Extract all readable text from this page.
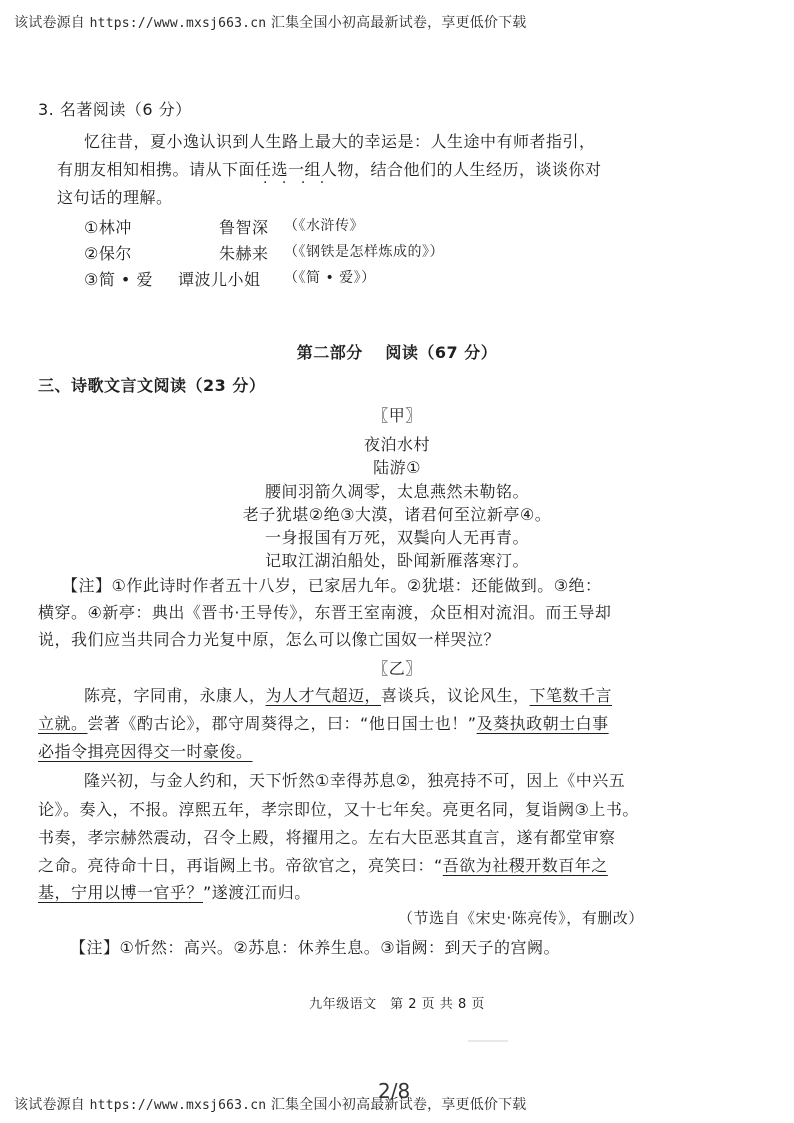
该试卷源自 https://www.mxsj663.cn 汇集全国小初高最新试卷，享更低价下载
3. 名著阅读（6 分）
忆往昔，夏小逸认识到人生路上最大的幸运是：人生途中有师者指引，
有朋友相知相携。请从下面任选一组 · · · ·人物，结合他们的人生经历，谈谈你对
这句话的理解。
①林冲	鲁智深 （《水浒传》
②保尔	朱赫来 （《钢铁是怎样炼成的》）
③简 • 爱 谭波儿小姐 （《简 • 爱》）
第二部分　 阅读（67 分）
三、诗歌文言文阅读（23 分）
〖甲〗
夜泊水村
陆游①
腰间羽箭久凋零，太息燕然未勒铭。
老子犹堪②绝③大漠，诸君何至泣新亭④。
一身报国有万死，双鬓向人无再青。
记取江湖泊船处，卧闻新雁落寒汀。
【注】①作此诗时作者五十八岁，已家居九年。②犹堪：还能做到。③绝：
横穿。④新亭：典出《晋书·王导传》，东晋王室南渡，众臣相对流泪。而王导却
说，我们应当共同合力光复中原，怎么可以像亡国奴一样哭泣？
〖乙〗
陈亮，字同甫，永康人，为人才气超迈，喜谈兵，议论风生，下笔数千言
立就。尝著《酌古论》，郡守周葵得之，曰：“他日国士也！”及葵执政朝士白事
必指令揖亮因得交一时豪俊。
隆兴初，与金人约和，天下忻然①幸得苏息②，独亮持不可，因上《中兴五
论》。奏入，不报。淳熙五年，孝宗即位，又十七年矣。亮更名同，复诣阙③上书。
书奏，孝宗赫然震动，召令上殿，将擢用之。左右大臣恶其直言，遂有都堂审察
之命。亮待命十日，再诣阙上书。帝欲官之，亮笑曰：“吾欲为社稷开数百年之
基，宁用以博一官乎？”遂渡江而归。
（节选自《宋史·陈亮传》，有删改）
【注】①忻然：高兴。②苏息：休养生息。③诣阙：到天子的宫阙。
九年级语文　第 2 页 共 8 页
2/8
该试卷源自 https://www.mxsj663.cn 汇集全国小初高最新试卷，享更低价下载
